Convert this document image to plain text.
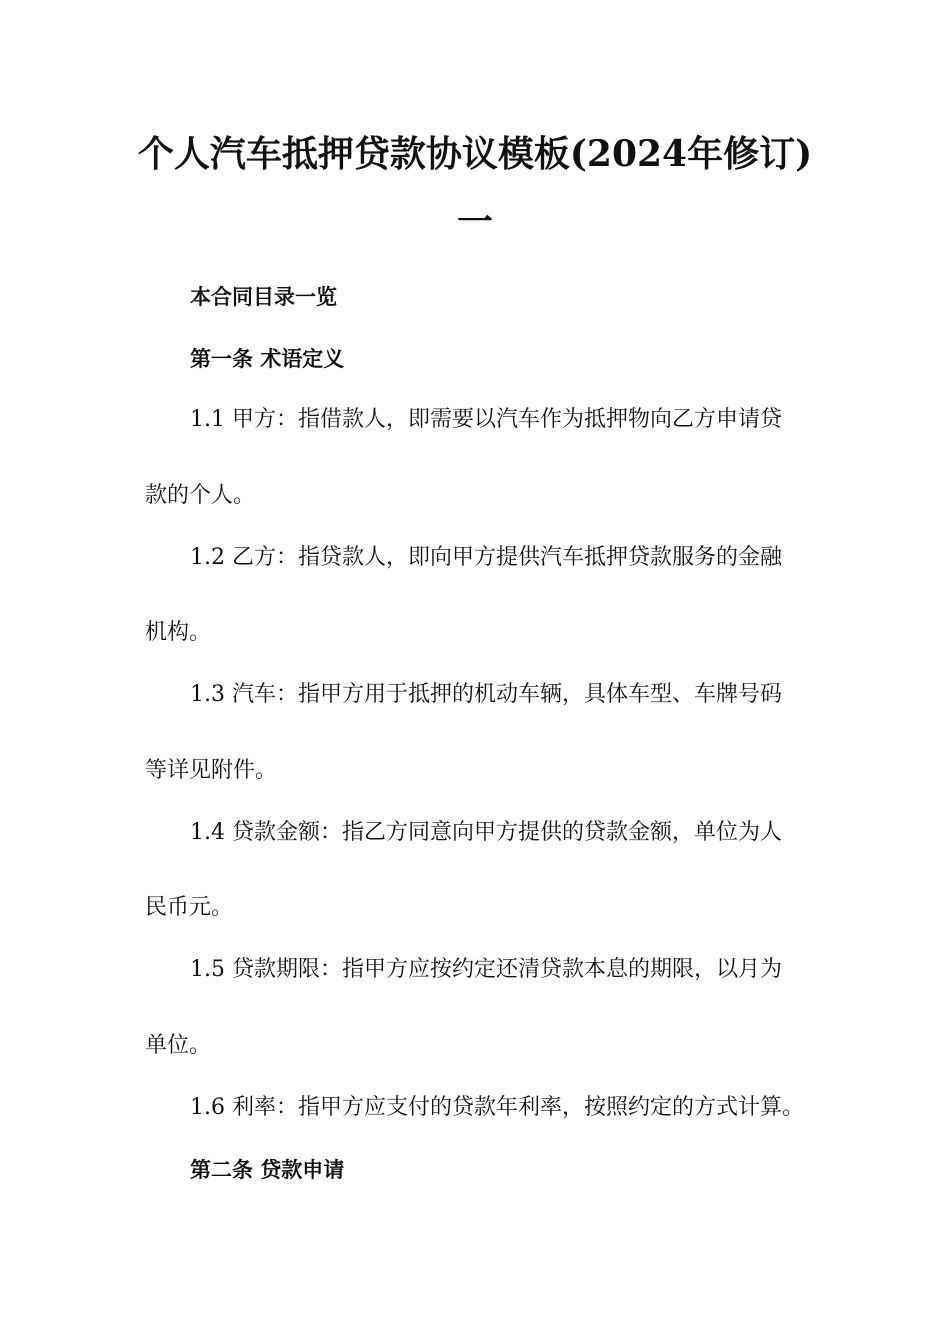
个人汽车抵押贷款协议模板(2024年修订)
一
本合同目录一览
第一条 术语定义
1.1 甲方：指借款人，即需要以汽车作为抵押物向乙方申请贷
款的个人。
1.2 乙方：指贷款人，即向甲方提供汽车抵押贷款服务的金融
机构。
1.3 汽车：指甲方用于抵押的机动车辆，具体车型、车牌号码
等详见附件。
1.4 贷款金额：指乙方同意向甲方提供的贷款金额，单位为人
民币元。
1.5 贷款期限：指甲方应按约定还清贷款本息的期限，以月为
单位。
1.6 利率：指甲方应支付的贷款年利率，按照约定的方式计算。
第二条 贷款申请
